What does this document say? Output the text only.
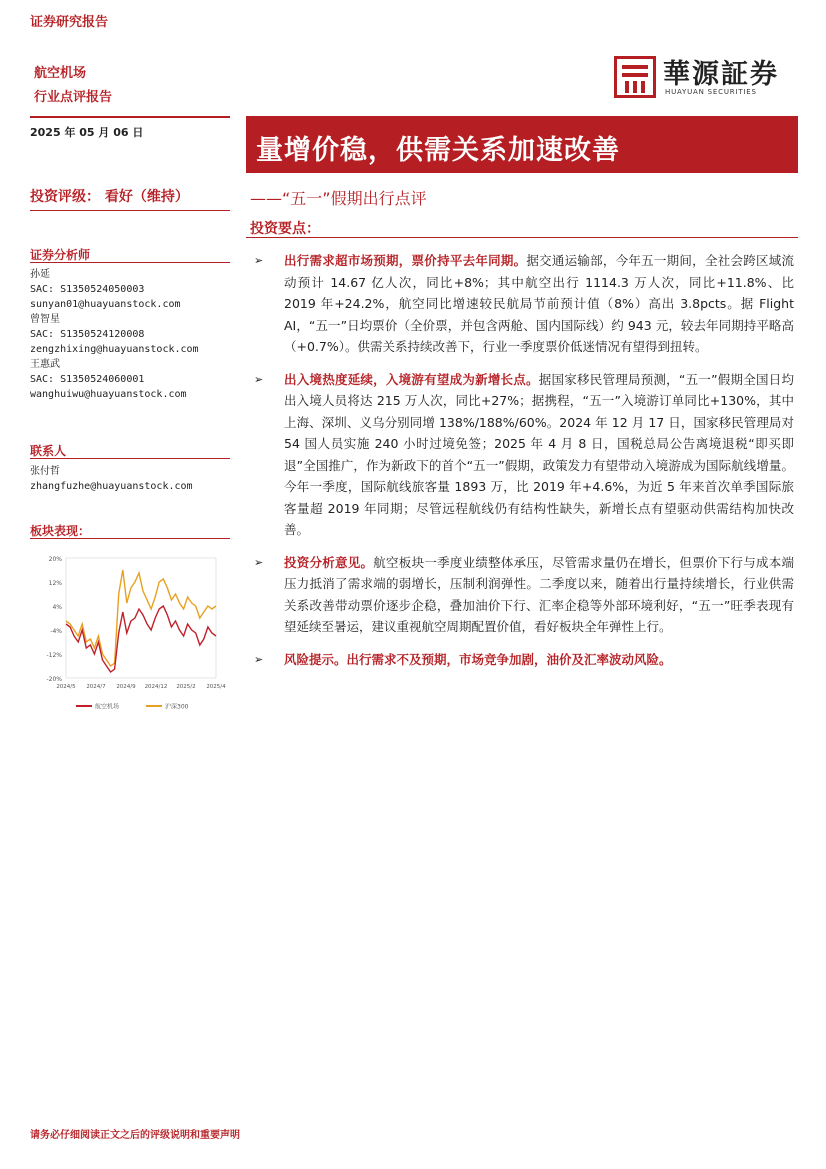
证券研究报告
航空机场
行业点评报告
華源証券
HUAYUAN SECURITIES
2025 年 05 月 06 日
量增价稳，供需关系加速改善
投资评级： 看好（维持）	——“五一”假期出行点评
投资要点：
证券分析师
孙延
SAC: S1350524050003
sunyan01@huayuanstock.com
曾智星
SAC: S1350524120008
zengzhixing@huayuanstock.com
王惠武
SAC: S1350524060001
wanghuiwu@huayuanstock.com
联系人
张付哲
zhangfuzhe@huayuanstock.com
板块表现：
20%
12%
4%
-4%
-12%
-20%
2024/5 2024/7 2024/9 2024/12 2025/2 2025/4
航空机场	沪深300
➢ 出行需求超市场预期，票价持平去年同期。据交通运输部，今年五一期间，全社会跨区域流动预计 14.67 亿人次，同比+8%；其中航空出行 1114.3 万人次，同比+11.8%、比 2019 年+24.2%，航空同比增速较民航局节前预计值（8%）高出 3.8pcts。据 Flight AI，“五一”日均票价（全价票，并包含两舱、国内国际线）约 943 元，较去年同期持平略高（+0.7%）。供需关系持续改善下，行业一季度票价低迷情况有望得到扭转。
➢ 出入境热度延续，入境游有望成为新增长点。据国家移民管理局预测，“五一”假期全国日均出入境人员将达 215 万人次，同比+27%；据携程，“五一”入境游订单同比+130%，其中上海、深圳、义乌分别同增 138%/188%/60%。2024 年 12 月 17 日，国家移民管理局对 54 国人员实施 240 小时过境免签；2025 年 4 月 8 日，国税总局公告离境退税“即买即退”全国推广，作为新政下的首个“五一”假期，政策发力有望带动入境游成为国际航线增量。今年一季度，国际航线旅客量 1893 万，比 2019 年+4.6%，为近 5 年来首次单季国际旅客量超 2019 年同期；尽管远程航线仍有结构性缺失，新增长点有望驱动供需结构加快改善。
➢ 投资分析意见。航空板块一季度业绩整体承压，尽管需求量仍在增长，但票价下行与成本端压力抵消了需求端的弱增长，压制利润弹性。二季度以来，随着出行量持续增长，行业供需关系改善带动票价逐步企稳，叠加油价下行、汇率企稳等外部环境利好，“五一”旺季表现有望延续至暑运，建议重视航空周期配置价值，看好板块全年弹性上行。
➢ 风险提示。出行需求不及预期，市场竞争加剧，油价及汇率波动风险。
请务必仔细阅读正文之后的评级说明和重要声明
